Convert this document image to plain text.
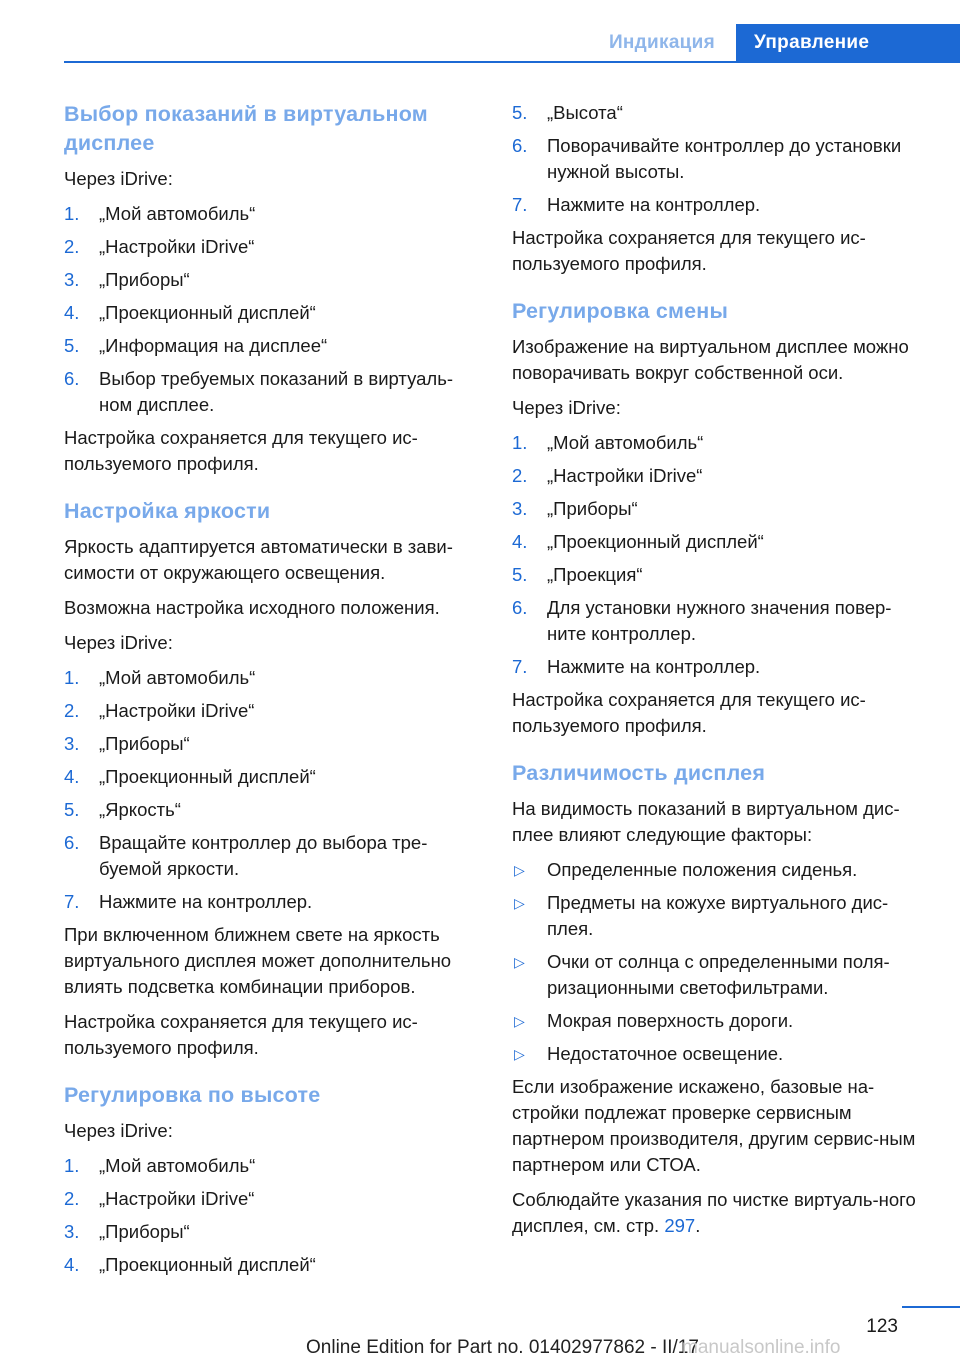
Индикация	Управление
Выбор показаний в виртуальном дисплее

Через iDrive:

1. „Мой автомобиль“
2. „Настройки iDrive“
3. „Приборы“
4. „Проекционный дисплей“
5. „Информация на дисплее“
6. Выбор требуемых показаний в виртуаль-ном дисплее.

Настройка сохраняется для текущего ис-пользуемого профиля.

Настройка яркости

Яркость адаптируется автоматически в зави-симости от окружающего освещения.

Возможна настройка исходного положения.

Через iDrive:

1. „Мой автомобиль“
2. „Настройки iDrive“
3. „Приборы“
4. „Проекционный дисплей“
5. „Яркость“
6. Вращайте контроллер до выбора тре-буемой яркости.
7. Нажмите на контроллер.

При включенном ближнем свете на яркость виртуального дисплея может дополнительно влиять подсветка комбинации приборов.

Настройка сохраняется для текущего ис-пользуемого профиля.

Регулировка по высоте

Через iDrive:

1. „Мой автомобиль“
2. „Настройки iDrive“
3. „Приборы“
4. „Проекционный дисплей“
5. „Высота“
6. Поворачивайте контроллер до установки нужной высоты.
7. Нажмите на контроллер.

Настройка сохраняется для текущего ис-пользуемого профиля.

Регулировка смены

Изображение на виртуальном дисплее можно поворачивать вокруг собственной оси.

Через iDrive:

1. „Мой автомобиль“
2. „Настройки iDrive“
3. „Приборы“
4. „Проекционный дисплей“
5. „Проекция“
6. Для установки нужного значения повер-ните контроллер.
7. Нажмите на контроллер.

Настройка сохраняется для текущего ис-пользуемого профиля.

Различимость дисплея

На видимость показаний в виртуальном дис-плее влияют следующие факторы:

▷ Определенные положения сиденья.
▷ Предметы на кожухе виртуального дис-плея.
▷ Очки от солнца с определенными поля-ризационными светофильтрами.
▷ Мокрая поверхность дороги.
▷ Недостаточное освещение.

Если изображение искажено, базовые на-стройки подлежат проверке сервисным партнером производителя, другим сервис-ным партнером или СТОА.

Соблюдайте указания по чистке виртуаль-ного дисплея, см. стр. 297.

123
Online Edition for Part no. 01402977862 - II/17
manualsonline.info
